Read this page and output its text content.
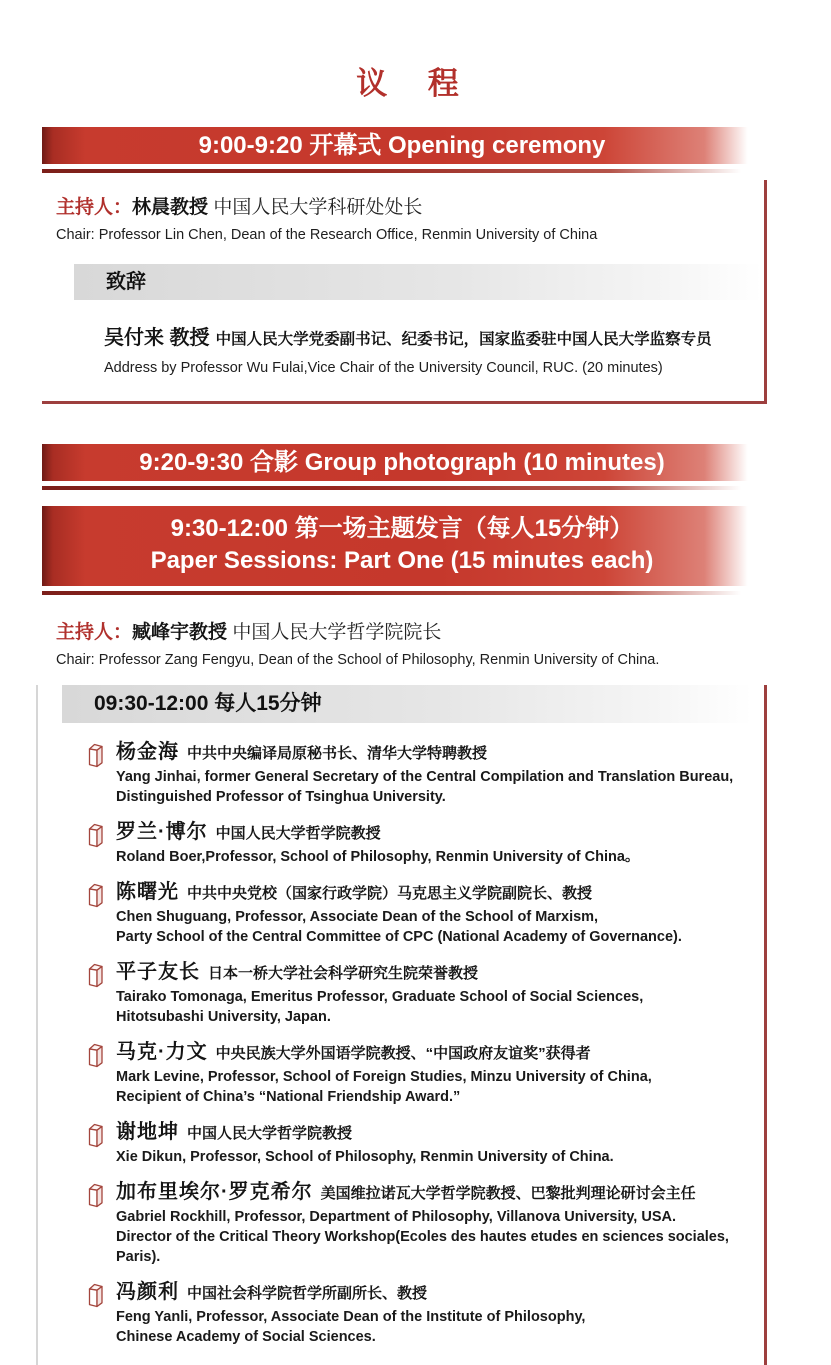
议 程
9:00-9:20 开幕式 Opening ceremony
主持人：林晨教授 中国人民大学科研处处长
Chair: Professor Lin Chen, Dean of the Research Office, Renmin University of China
致辞
吴付来 教授 中国人民大学党委副书记、纪委书记，国家监委驻中国人民大学监察专员
Address by Professor Wu Fulai,Vice Chair of the University Council, RUC. (20 minutes)
9:20-9:30 合影 Group photograph (10 minutes)
9:30-12:00 第一场主题发言（每人15分钟）
Paper Sessions: Part One (15 minutes each)
主持人：臧峰宇教授 中国人民大学哲学院院长
Chair: Professor Zang Fengyu, Dean of the School of Philosophy, Renmin University of China.
09:30-12:00 每人15分钟
杨金海 中共中央编译局原秘书长、清华大学特聘教授
Yang Jinhai, former General Secretary of the Central Compilation and Translation Bureau,
Distinguished Professor of Tsinghua University.
罗兰·博尔 中国人民大学哲学院教授
Roland Boer,Professor, School of Philosophy, Renmin University of China。
陈曙光 中共中央党校（国家行政学院）马克思主义学院副院长、教授
Chen Shuguang, Professor, Associate Dean of the School of Marxism,
Party School of the Central Committee of CPC (National Academy of Governance).
平子友长 日本一桥大学社会科学研究生院荣誉教授
Tairako Tomonaga, Emeritus Professor, Graduate School of Social Sciences,
Hitotsubashi University, Japan.
马克·力文 中央民族大学外国语学院教授、“中国政府友谊奖”获得者
Mark Levine, Professor, School of Foreign Studies, Minzu University of China,
Recipient of China’s “National Friendship Award.”
谢地坤 中国人民大学哲学院教授
Xie Dikun, Professor, School of Philosophy, Renmin University of China.
加布里埃尔·罗克希尔 美国维拉诺瓦大学哲学院教授、巴黎批判理论研讨会主任
Gabriel Rockhill, Professor, Department of Philosophy, Villanova University, USA.
Director of the Critical Theory Workshop(Ecoles des hautes etudes en sciences sociales, Paris).
冯颜利 中国社会科学院哲学所副所长、教授
Feng Yanli, Professor, Associate Dean of the Institute of Philosophy,
Chinese Academy of Social Sciences.
